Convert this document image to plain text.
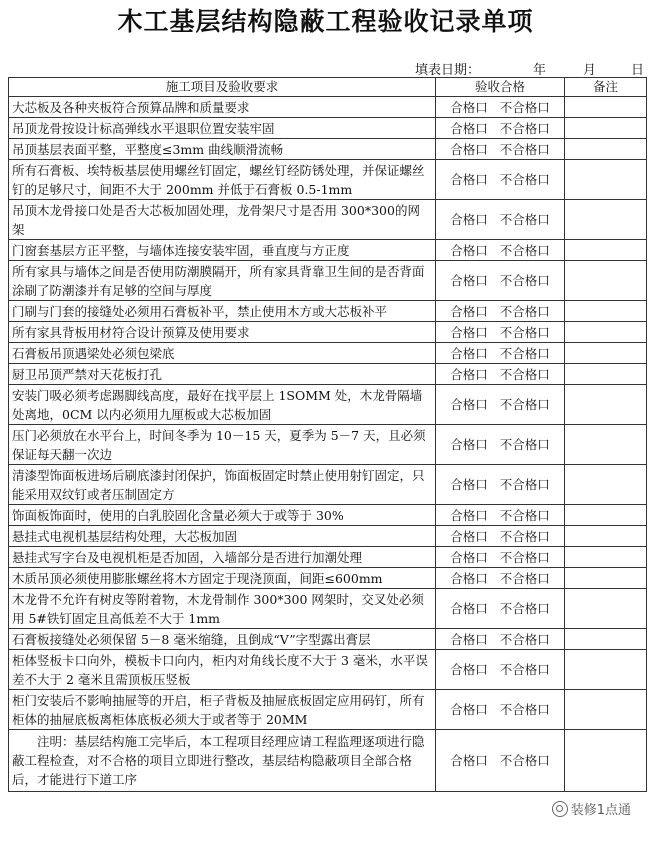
木工基层结构隐蔽工程验收记录单项
填表日期：	年	月	日
施工项目及验收要求	验收合格	备注
大芯板及各种夹板符合预算品牌和质量要求	合格口 不合格口	
吊顶龙骨按设计标高弹线水平退职位置安装牢固	合格口 不合格口	
吊顶基层表面平整，平整度≤3mm 曲线顺滑流畅	合格口 不合格口	
所有石膏板、埃特板基层使用螺丝钉固定，螺丝钉经防锈处理，并保证螺丝钉的足够尺寸，间距不大于 200mm 并低于石膏板 0.5-1mm	合格口 不合格口	
吊顶木龙骨接口处是否大芯板加固处理，龙骨架尺寸是否用 300*300的网架	合格口 不合格口	
门窗套基层方正平整，与墙体连接安装牢固，垂直度与方正度	合格口 不合格口	
所有家具与墙体之间是否使用防潮膜隔开，所有家具背靠卫生间的是否背面涂刷了防潮漆并有足够的空间与厚度	合格口 不合格口	
门刷与门套的接缝处必须用石膏板补平，禁止使用木方或大芯板补平	合格口 不合格口	
所有家具背板用材符合设计预算及使用要求	合格口 不合格口	
石膏板吊顶遇梁处必须包梁底	合格口 不合格口	
厨卫吊顶严禁对天花板打孔	合格口 不合格口	
安装门吸必须考虑踢脚线高度，最好在找平层上 1SOMM 处，木龙骨隔墙处离地，0CM 以内必须用九厘板或大芯板加固	合格口 不合格口	
压门必须放在水平台上，时间冬季为 10－15 天，夏季为 5－7 天，且必须保证每天翻一次边	合格口 不合格口	
清漆型饰面板进场后刷底漆封闭保护，饰面板固定时禁止使用射钉固定，只能采用双纹钉或者压制固定方	合格口 不合格口	
饰面板饰面时，使用的白乳胶固化含量必须大于或等于 30%	合格口 不合格口	
悬挂式电视机基层结构处理，大芯板加固	合格口 不合格口	
悬挂式写字台及电视机柜是否加固，入墙部分是否进行加潮处理	合格口 不合格口	
木质吊顶必须使用膨胀螺丝将木方固定于现浇顶面，间距≤600mm	合格口 不合格口	
木龙骨不允许有树皮等附着物，木龙骨制作 300*300 网架时，交叉处必须用 5#铁钉固定且高低差不大于 1mm	合格口 不合格口	
石膏板接缝处必须保留 5－8 毫米缩缝，且倒成“V”字型露出膏层	合格口 不合格口	
柜体竖板卡口向外，模板卡口向内，柜内对角线长度不大于 3 毫米，水平误差不大于 2 毫米且需顶板压竖板	合格口 不合格口	
柜门安装后不影响抽屉等的开启，柜子背板及抽屉底板固定应用码钉，所有柜体的抽屉底板离柜体底板必须大于或者等于 20MM	合格口 不合格口	
　　注明：基层结构施工完毕后，本工程项目经理应请工程监理逐项进行隐蔽工程检查，对不合格的项目立即进行整改，基层结构隐蔽项目全部合格后，才能进行下道工序	合格口 不合格口	
装修1点通
